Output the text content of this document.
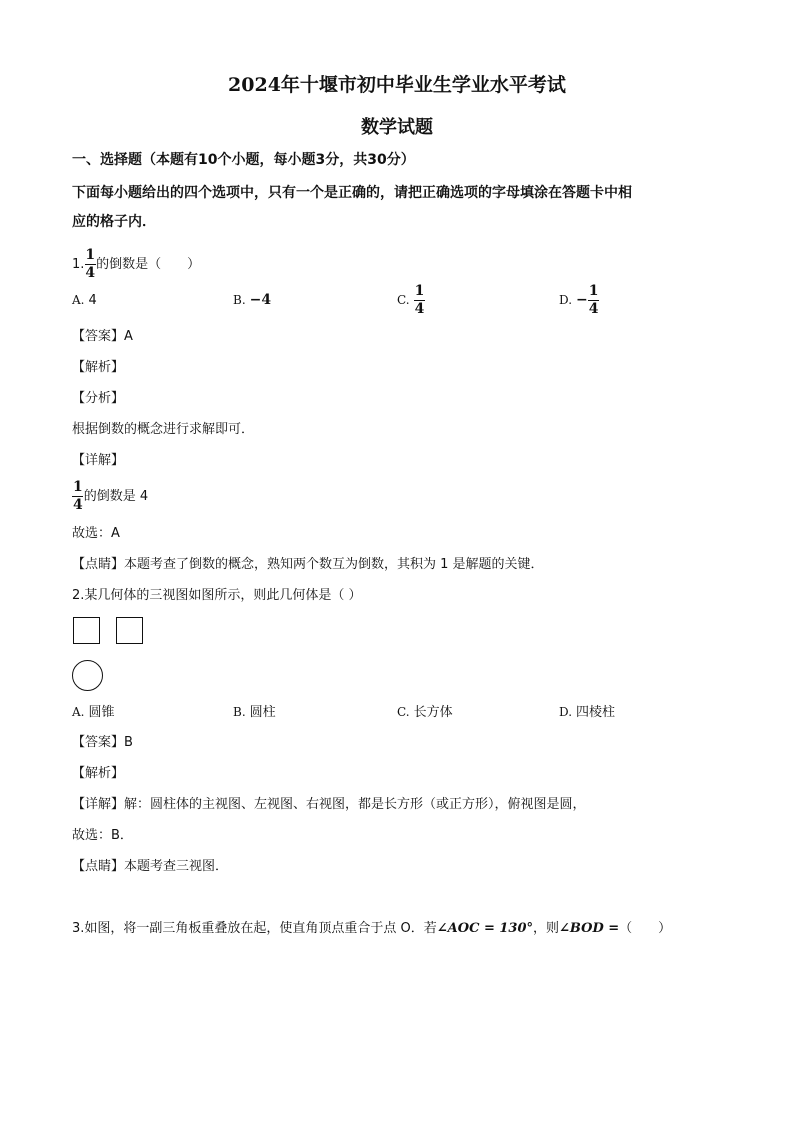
2024年十堰市初中毕业生学业水平考试
数学试题
一、选择题（本题有10个小题，每小题3分，共30分）
下面每小题给出的四个选项中，只有一个是正确的，请把正确选项的字母填涂在答题卡中相
应的格子内．
1. $\frac{1}{4}$ 的倒数是（　　）
A. 4	B. −4	C. $\frac{1}{4}$	D. − $\frac{1}{4}$
【答案】A
【解析】
【分析】
根据倒数的概念进行求解即可．
【详解】
$\frac{1}{4}$ 的倒数是 4
故选：A
【点睛】本题考查了倒数的概念，熟知两个数互为倒数，其积为 1 是解题的关键．
2.某几何体的三视图如图所示，则此几何体是（ ）
A. 圆锥	B. 圆柱	C. 长方体	D. 四棱柱
【答案】B
【解析】
【详解】解：圆柱体的主视图、左视图、右视图，都是长方形（或正方形），俯视图是圆，
故选：B．
【点睛】本题考查三视图．
3.如图，将一副三角板重叠放在起，使直角顶点重合于点 O．若∠AOC = 130°，则∠BOD =（　　）
